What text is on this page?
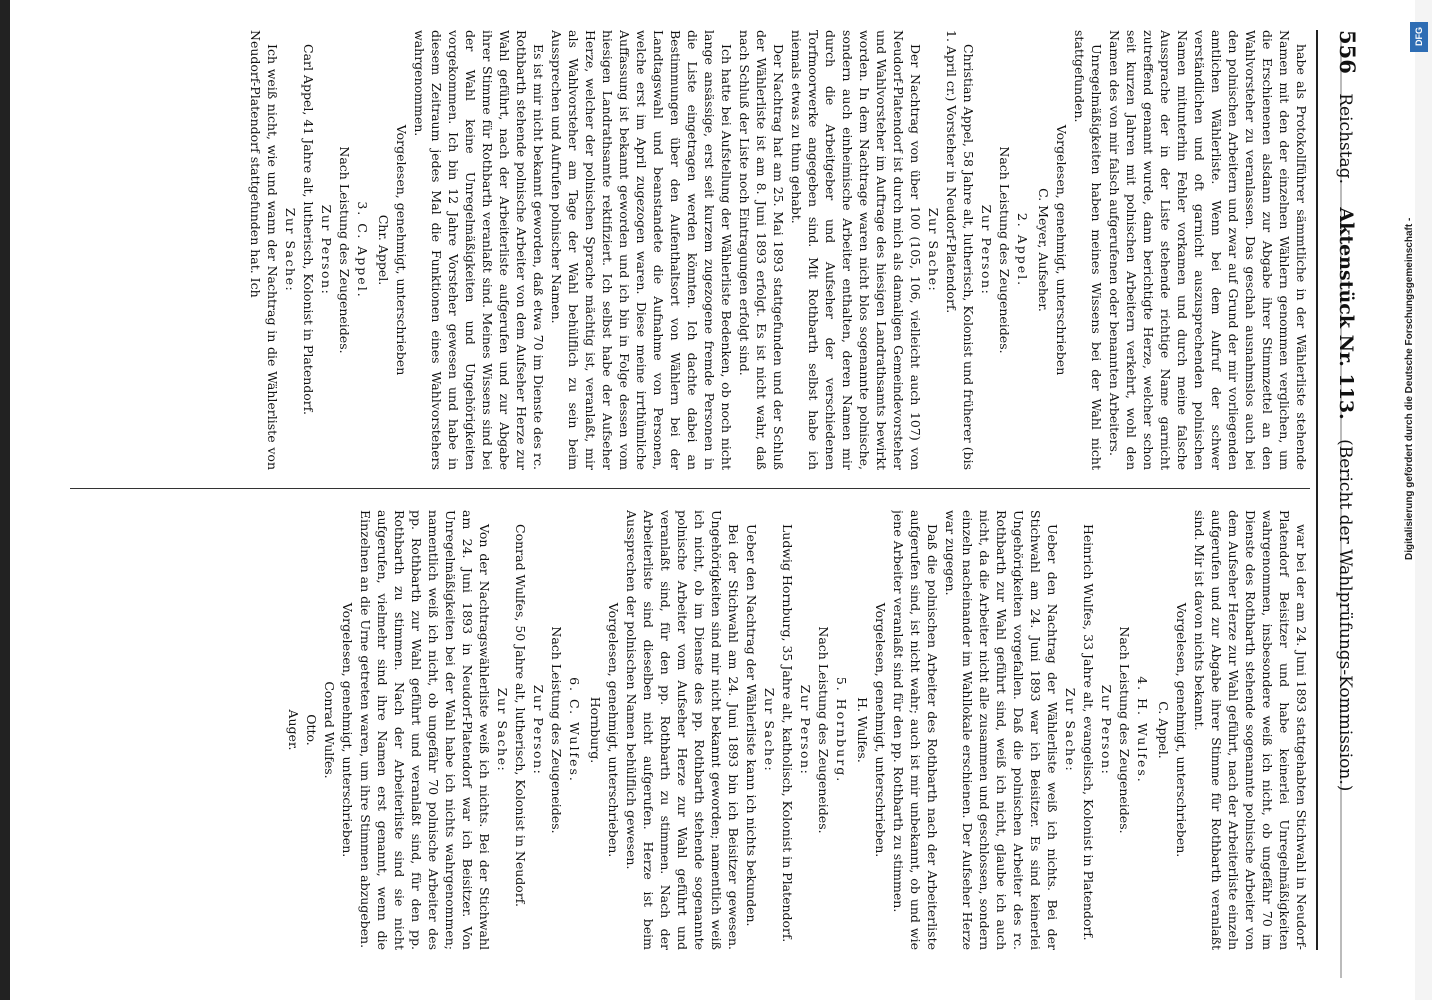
556 Reichstag. Aktenstück Nr. 113. (Bericht der Wahlprüfungs-Kommission.)

habe als Protokollführer sämmtliche in der Wählerliste stehende Namen mit den der einzelnen Wählern genommen verglichen, um die Erschienenen alsdann zur Abgabe ihrer Stimmzettel an den Wahlvorsteher zu veranlassen. Das geschah ausnahmslos auch bei den polnischen Arbeitern und zwar auf Grund der mir vorliegenden amtlichen Wählerliste. Wenn bei dem Aufruf der schwer verständlichen und oft garnicht auszusprechenden polnischen Namen mitunterhin Fehler vorkamen und durch meine falsche Aussprache der in der Liste stehende richtige Name garnicht zutreffend genannt wurde, dann berichtigte Herze, welcher schon seit kurzen Jahren mit polnischen Arbeitern verkehrt, wohl den Namen des von mir falsch aufgerufenen oder benannten Arbeiters.

Unregelmäßigkeiten haben meines Wissens bei der Wahl nicht stattgefunden.

Vorgelesen, genehmigt, unterschrieben

C. Meyer, Aufseher.

2. Appel.

Nach Leistung des Zeugeneides.

Zur Person:

Christian Appel, 58 Jahre alt, lutherisch, Kolonist und früherer (bis 1. April cr.) Vorsteher in Neudorf-Platendorf.

Zur Sache:

Der Nachtrag von über 100 (105, 106, vielleicht auch 107) von Neudorf-Platendorf ist durch mich als damaligen Gemeindevorsteher und Wahlvorsteher im Auftrage des hiesigen Landrathsamts bewirkt worden. In dem Nachtrage waren nicht blos sogenannte polnische, sondern auch einheimische Arbeiter enthalten, deren Namen mir durch die Arbeitgeber und Aufseher der verschiedenen Torfmoorwerke angegeben sind. Mit Rothbarth selbst habe ich niemals etwas zu thun gehabt.

Der Nachtrag hat am 25. Mai 1893 stattgefunden und der Schluß der Wählerliste ist am 8. Juni 1893 erfolgt. Es ist nicht wahr, daß nach Schluß der Liste noch Eintragungen erfolgt sind.

Ich hatte bei Aufstellung der Wählerliste Bedenken, ob noch nicht lange ansässige, erst seit kurzem zugezogene fremde Personen in die Liste eingetragen werden könnten. Ich dachte dabei an Bestimmungen über den Aufenthaltsort von Wählern bei der Landtagswahl und beanstandete die Aufnahme von Personen, welche erst im April zugezogen waren. Diese meine irrthümliche Auffassung ist bekannt geworden und ich bin in Folge dessen vom hiesigen Landrathsamte rektifiziert. Ich selbst habe der Aufseher Herze, welcher der polnischen Sprache mächtig ist, veranlaßt, mir als Wahlvorsteher am Tage der Wahl behülflich zu sein beim Aussprechen und Aufrufen polnischer Namen.

Es ist mir nicht bekannt geworden, daß etwa 70 im Dienste des rc. Rothbarth stehende polnische Arbeiter von dem Aufseher Herze zur Wahl geführt, nach der Arbeiterliste aufgerufen und zur Abgabe ihrer Stimme für Rothbarth veranlaßt sind. Meines Wissens sind bei der Wahl keine Unregelmäßigkeiten und Ungehörigkeiten vorgekommen. Ich bin 12 Jahre Vorsteher gewesen und habe in diesem Zeitraum jedes Mal die Funktionen eines Wahlvorstehers wahrgenommen.

Vorgelesen, genehmigt, unterschrieben

Chr. Appel.

3. C. Appel.

Nach Leistung des Zeugeneides.

Zur Person:

Carl Appel, 41 Jahre alt, lutherisch, Kolonist in Platendorf.

Zur Sache:

Ich weiß nicht, wie und wann der Nachtrag in die Wählerliste von Neudorf-Platendorf stattgefunden hat. Ich

war bei der am 24. Juni 1893 stattgehabten Stichwahl in Neudorf-Platendorf Beisitzer und habe keinerlei Unregelmäßigkeiten wahrgenommen, insbesondere weiß ich nicht, ob ungefähr 70 im Dienste des Rothbarth stehende sogenannte polnische Arbeiter von dem Aufseher Herze zur Wahl geführt, nach der Arbeiterliste einzeln aufgerufen und zur Abgabe ihrer Stimme für Rothbarth veranlaßt sind. Mir ist davon nichts bekannt.

Vorgelesen, genehmigt, unterschrieben.

C. Appel.

4. H. Wulfes.

Nach Leistung des Zeugeneides.

Zur Person:

Heinrich Wulfes, 33 Jahre alt, evangelisch, Kolonist in Platendorf.

Zur Sache:

Ueber den Nachtrag der Wählerliste weiß ich nichts. Bei der Stichwahl am 24. Juni 1893 war ich Beisitzer. Es sind keinerlei Ungehörigkeiten vorgefallen. Daß die polnischen Arbeiter des rc. Rothbarth zur Wahl geführt sind, weiß ich nicht, glaube ich auch nicht, da die Arbeiter nicht alle zusammen und geschlossen, sondern einzeln nacheinander im Wahllokale erschienen. Der Aufseher Herze war zugegen.

Daß die polnischen Arbeiter des Rothbarth nach der Arbeiterliste aufgerufen sind, ist nicht wahr; auch ist mir unbekannt, ob und wie jene Arbeiter veranlaßt sind für den pp. Rothbarth zu stimmen.

Vorgelesen, genehmigt, unterschrieben.

H. Wulfes.

5. Hornburg.

Nach Leistung des Zeugeneides.

Zur Person:

Ludwig Hornburg, 35 Jahre alt, katholisch, Kolonist in Platendorf.

Zur Sache:

Ueber den Nachtrag der Wählerliste kann ich nichts bekunden.

Bei der Stichwahl am 24. Juni 1893 bin ich Beisitzer gewesen. Ungehörigkeiten sind mir nicht bekannt geworden; namentlich weiß ich nicht, ob im Dienste des pp. Rothbarth stehende sogenannte polnische Arbeiter vom Aufseher Herze zur Wahl geführt und veranlaßt sind, für den pp. Rothbarth zu stimmen. Nach der Arbeiterliste sind dieselben nicht aufgerufen. Herze ist beim Aussprechen der polnischen Namen behülflich gewesen.

Vorgelesen, genehmigt, unterschrieben.

Hornburg.

6. C. Wulfes.

Nach Leistung des Zeugeneides.

Zur Person:

Conrad Wulfes, 50 Jahre alt, lutherisch, Kolonist in Neudorf.

Zur Sache:

Von der Nachtragswählerliste weiß ich nichts. Bei der Stichwahl am 24. Juni 1893 in Neudorf-Platendorf war ich Beisitzer. Von Unregelmäßigkeiten bei der Wahl habe ich nichts wahrgenommen; namentlich weiß ich nicht, ob ungefähr 70 polnische Arbeiter des pp. Rothbarth zur Wahl geführt und veranlaßt sind, für den pp. Rothbarth zu stimmen. Nach der Arbeiterliste sind sie nicht aufgerufen, vielmehr sind ihre Namen erst genannt, wenn die Einzelnen an die Urne getreten waren, um ihre Stimmen abzugeben.

Vorgelesen, genehmigt, unterschrieben.

Conrad Wulfes.

Otto.

Auger.

DFG
Digitalisierung gefördert durch die Deutsche Forschungsgemeinschaft -
